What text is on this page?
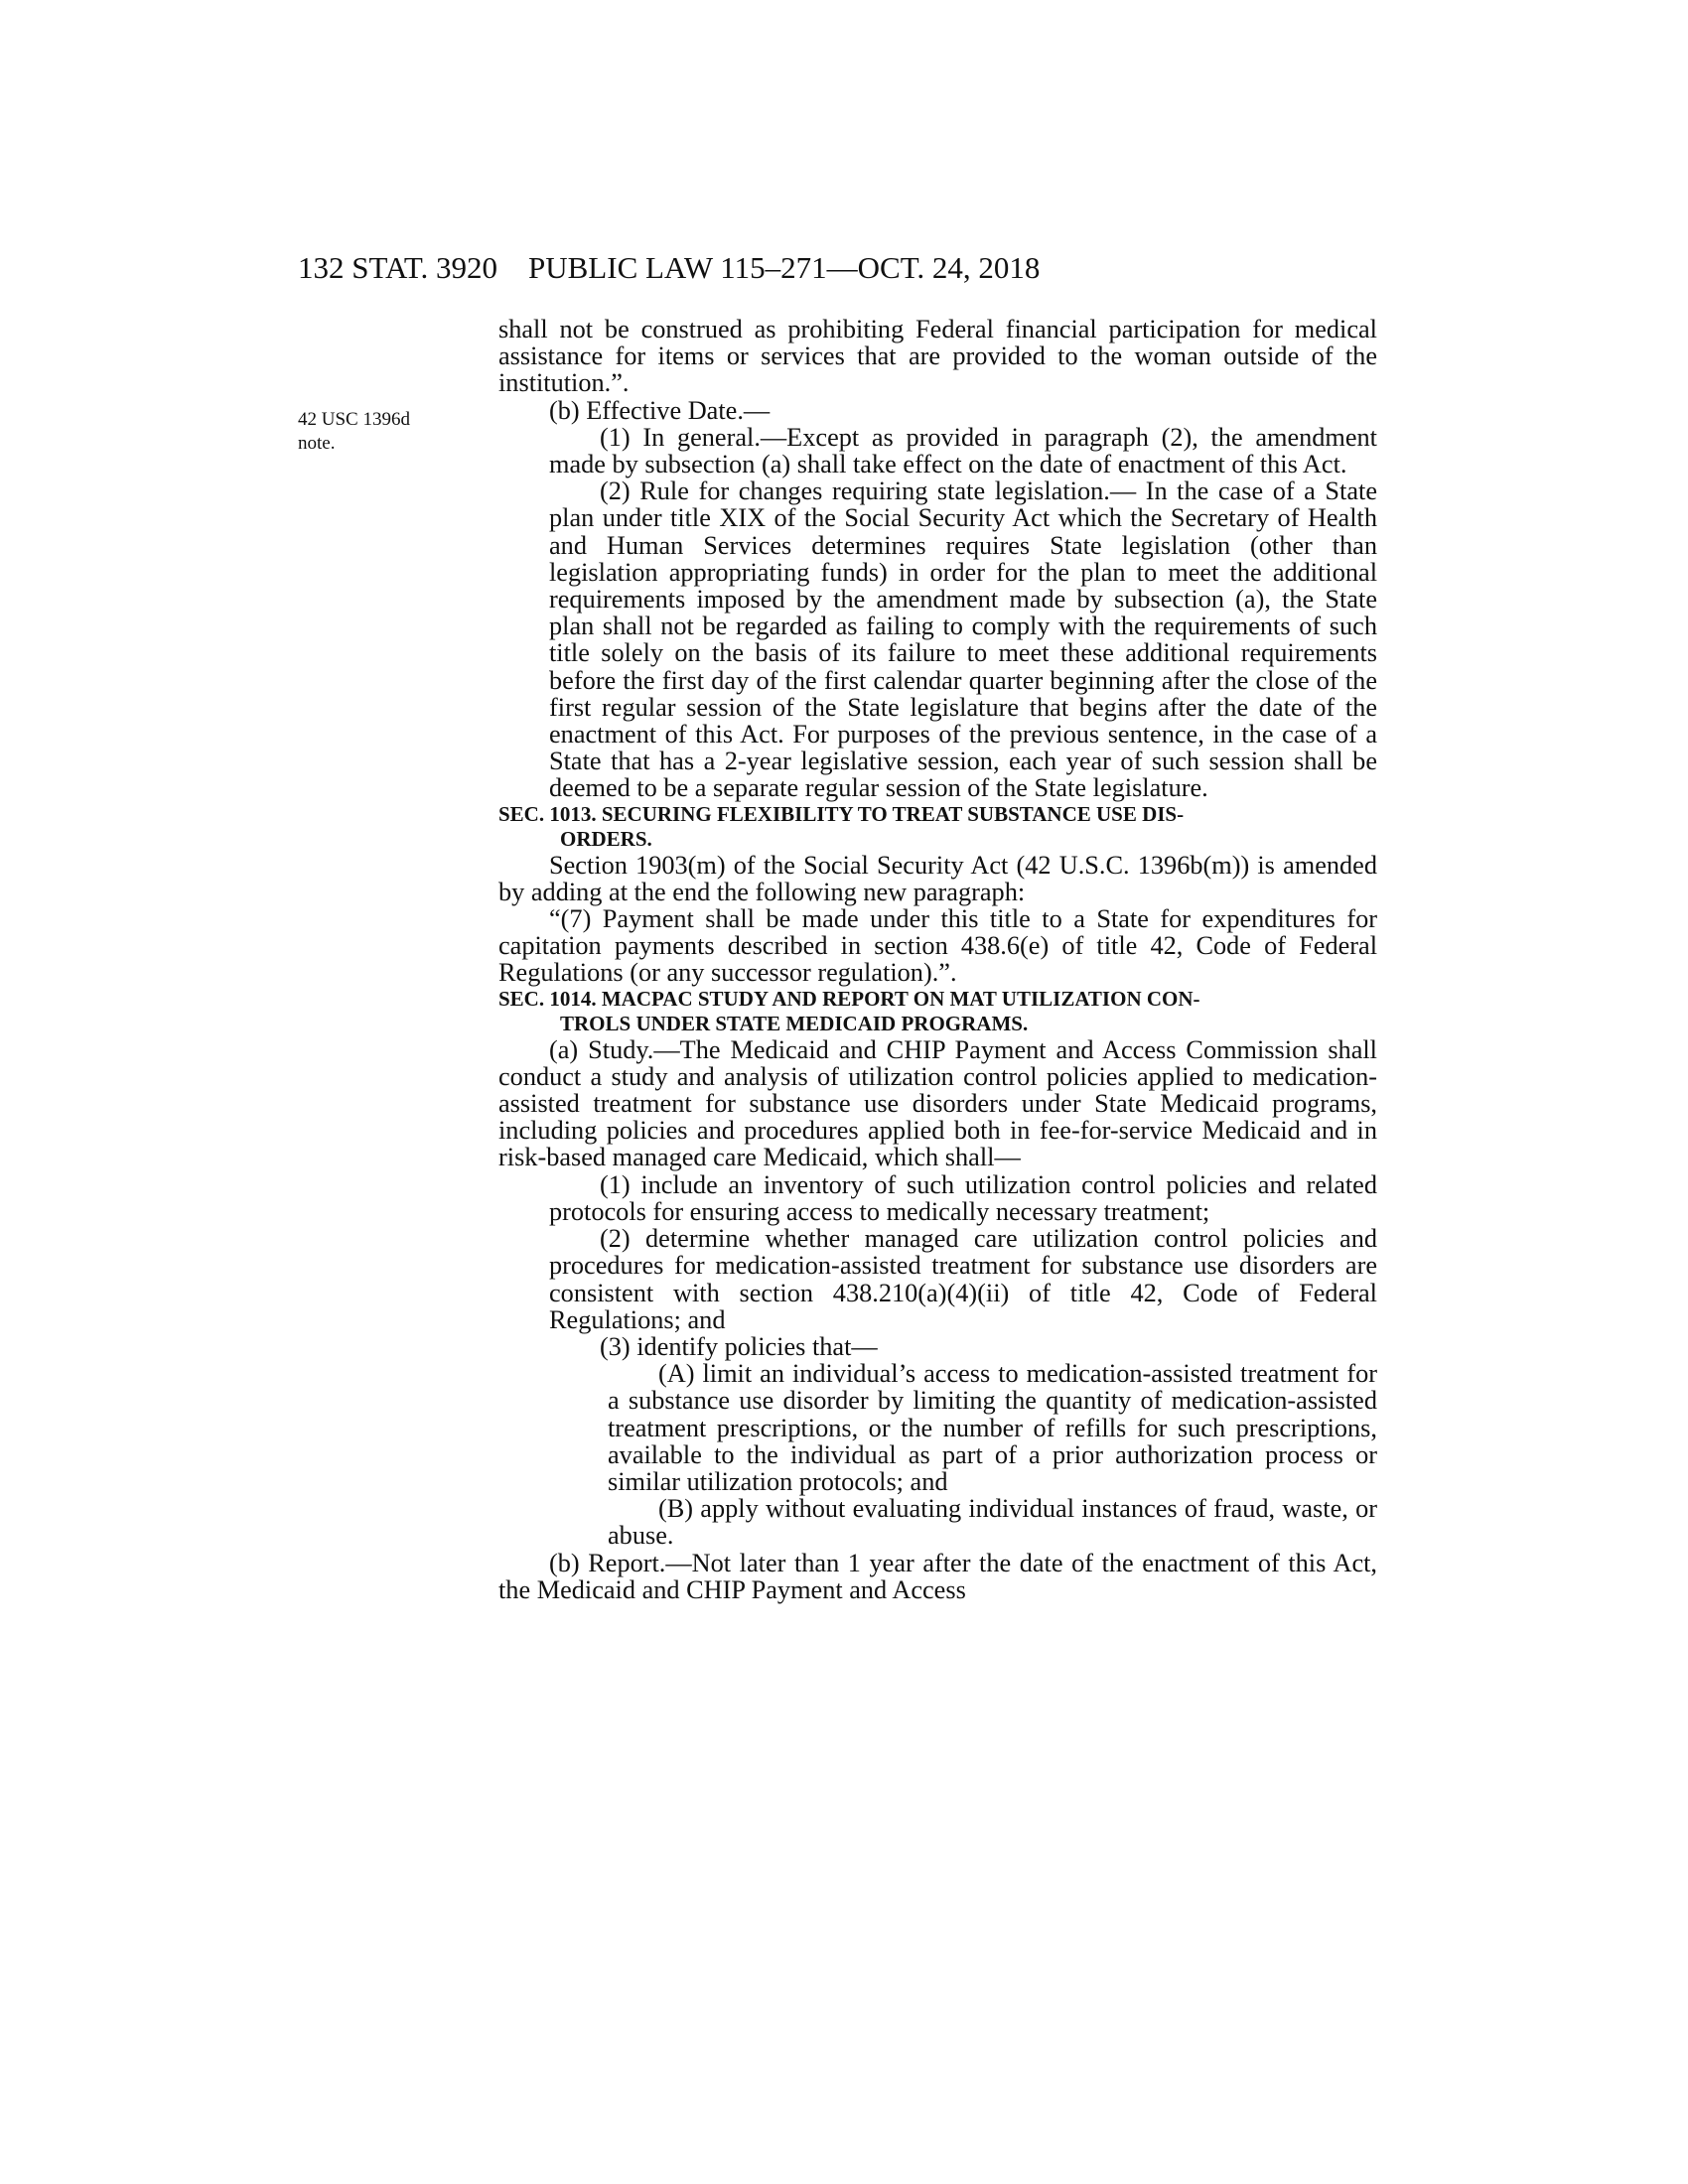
132 STAT. 3920 PUBLIC LAW 115–271—OCT. 24, 2018
42 USC 1396d
note.

shall not be construed as prohibiting Federal financial participation for medical assistance for items or services that are provided to the woman outside of the institution.”.

(b) Effective Date.—

(1) In general.—Except as provided in paragraph (2), the amendment made by subsection (a) shall take effect on the date of enactment of this Act.

(2) Rule for changes requiring state legislation.— In the case of a State plan under title XIX of the Social Security Act which the Secretary of Health and Human Services determines requires State legislation (other than legislation appropriating funds) in order for the plan to meet the additional requirements imposed by the amendment made by subsection (a), the State plan shall not be regarded as failing to comply with the requirements of such title solely on the basis of its failure to meet these additional requirements before the first day of the first calendar quarter beginning after the close of the first regular session of the State legislature that begins after the date of the enactment of this Act. For purposes of the previous sentence, in the case of a State that has a 2-year legislative session, each year of such session shall be deemed to be a separate regular session of the State legislature.

SEC. 1013. SECURING FLEXIBILITY TO TREAT SUBSTANCE USE DIS-
ORDERS.

Section 1903(m) of the Social Security Act (42 U.S.C. 1396b(m)) is amended by adding at the end the following new paragraph:

“(7) Payment shall be made under this title to a State for expenditures for capitation payments described in section 438.6(e) of title 42, Code of Federal Regulations (or any successor regulation).”.

SEC. 1014. MACPAC STUDY AND REPORT ON MAT UTILIZATION CON-
TROLS UNDER STATE MEDICAID PROGRAMS.

(a) Study.—The Medicaid and CHIP Payment and Access Commission shall conduct a study and analysis of utilization control policies applied to medication-assisted treatment for substance use disorders under State Medicaid programs, including policies and procedures applied both in fee-for-service Medicaid and in risk-based managed care Medicaid, which shall—

(1) include an inventory of such utilization control policies and related protocols for ensuring access to medically necessary treatment;

(2) determine whether managed care utilization control policies and procedures for medication-assisted treatment for substance use disorders are consistent with section 438.210(a)(4)(ii) of title 42, Code of Federal Regulations; and

(3) identify policies that—

(A) limit an individual’s access to medication-assisted treatment for a substance use disorder by limiting the quantity of medication-assisted treatment prescriptions, or the number of refills for such prescriptions, available to the individual as part of a prior authorization process or similar utilization protocols; and

(B) apply without evaluating individual instances of fraud, waste, or abuse.

(b) Report.—Not later than 1 year after the date of the enactment of this Act, the Medicaid and CHIP Payment and Access
